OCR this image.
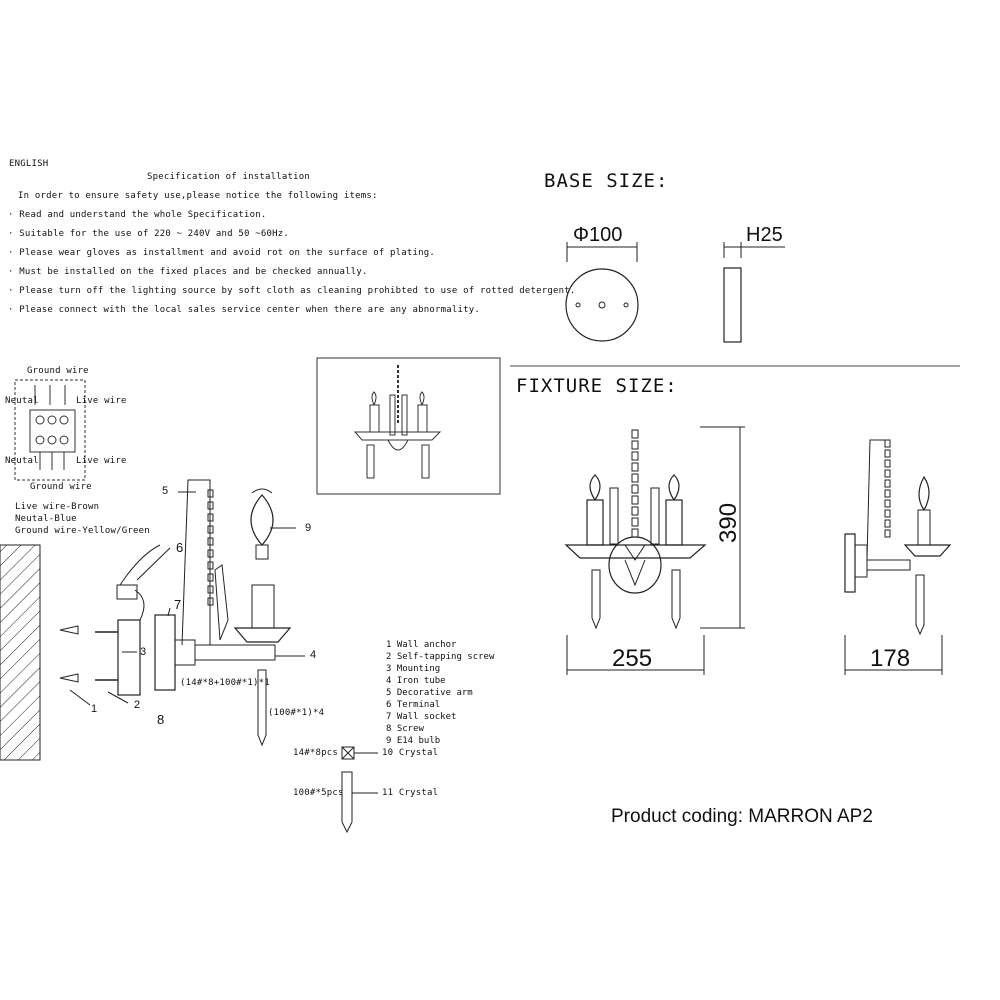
ENGLISH
Specification of installation
In order to ensure safety use,please notice the following items:
· Read and understand the whole Specification.
· Suitable for the use of 220 ~ 240V and 50 ~60Hz.
· Please wear gloves as installment and avoid rot on the surface of plating.
· Must be installed on the fixed places and be checked annually.
· Please turn off the lighting source by soft cloth as cleaning prohibted to use of rotted detergent.
· Please connect with the local sales service center when there are any abnormality.
BASE SIZE:
Φ100	H25
FIXTURE SIZE:
390
255	178
Ground wire
Neutal	Live wire
Neutal	Live wire
Ground wire
Live wire-Brown
Neutal-Blue
Ground wire-Yellow/Green
5
9
6
7
3	4
1	2
8
(14#*8+100#*1)*1
(100#*1)*4
14#*8pcs	10 Crystal
100#*5pcs	11 Crystal
1 Wall anchor
2 Self-tapping screw
3 Mounting
4 Iron tube
5 Decorative arm
6 Terminal
7 Wall socket
8 Screw
9 E14 bulb
Product coding: MARRON AP2
